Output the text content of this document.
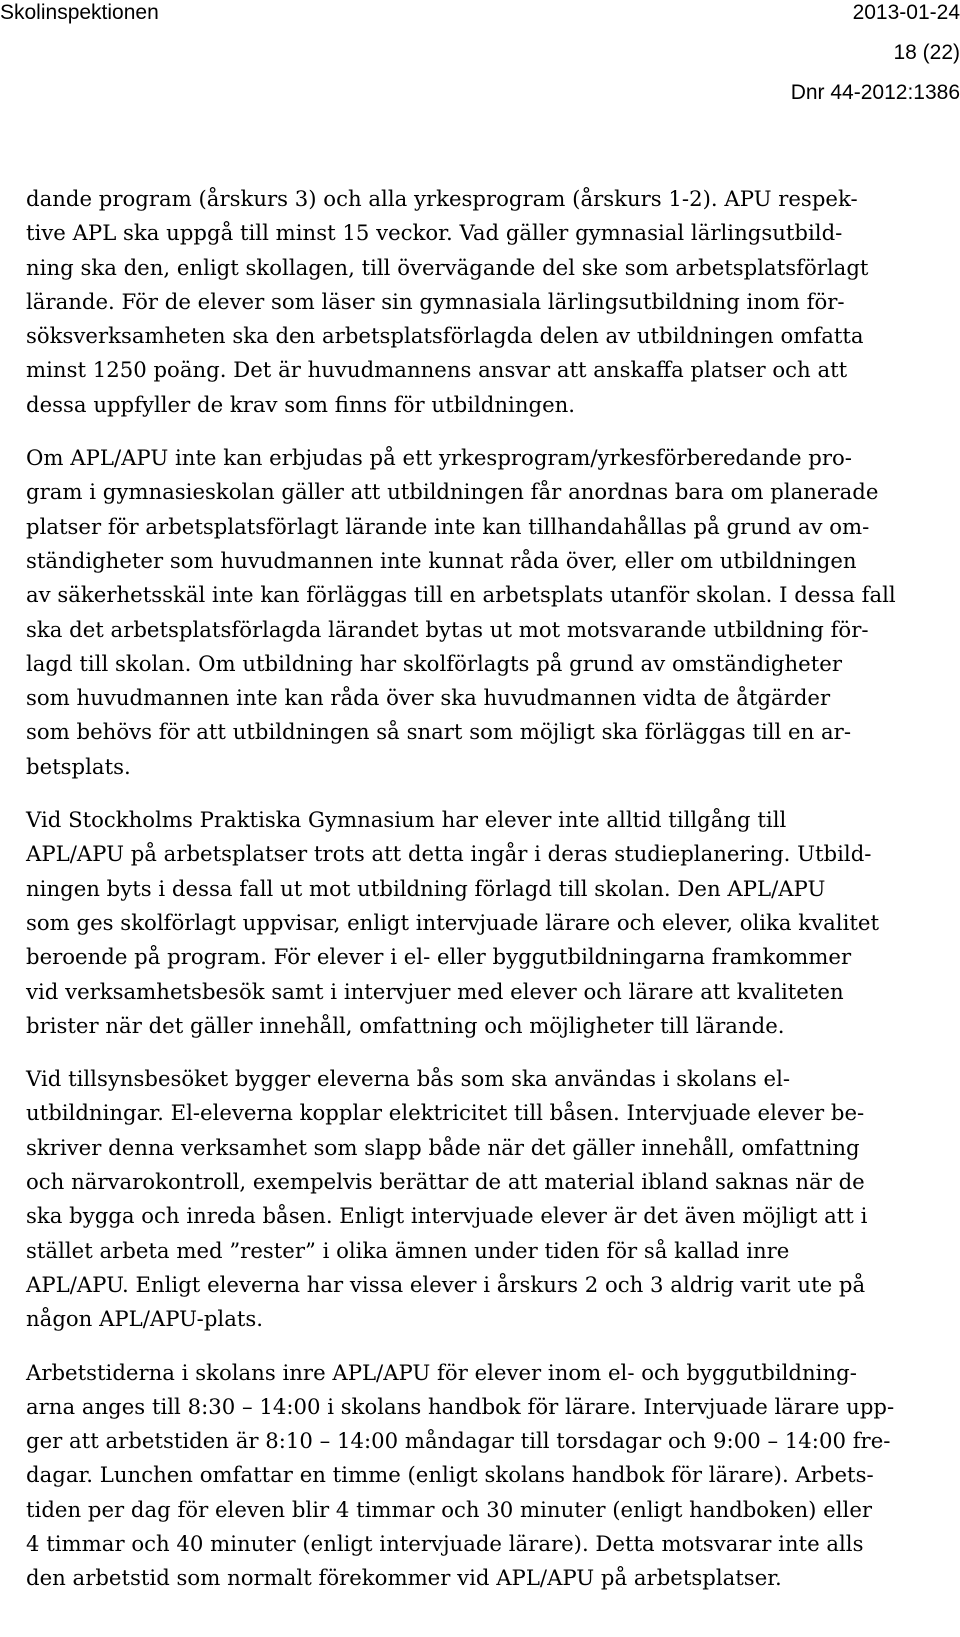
Skolinspektionen	2013-01-24
18 (22)
Dnr 44-2012:1386

dande program (årskurs 3) och alla yrkesprogram (årskurs 1-2). APU respek-
tive APL ska uppgå till minst 15 veckor. Vad gäller gymnasial lärlingsutbild-
ning ska den, enligt skollagen, till övervägande del ske som arbetsplatsförlagt
lärande. För de elever som läser sin gymnasiala lärlingsutbildning inom för-
söksverksamheten ska den arbetsplatsförlagda delen av utbildningen omfatta
minst 1250 poäng. Det är huvudmannens ansvar att anskaffa platser och att
dessa uppfyller de krav som finns för utbildningen.

Om APL/APU inte kan erbjudas på ett yrkesprogram/yrkesförberedande pro-
gram i gymnasieskolan gäller att utbildningen får anordnas bara om planerade
platser för arbetsplatsförlagt lärande inte kan tillhandahållas på grund av om-
ständigheter som huvudmannen inte kunnat råda över, eller om utbildningen
av säkerhetsskäl inte kan förläggas till en arbetsplats utanför skolan. I dessa fall
ska det arbetsplatsförlagda lärandet bytas ut mot motsvarande utbildning för-
lagd till skolan. Om utbildning har skolförlagts på grund av omständigheter
som huvudmannen inte kan råda över ska huvudmannen vidta de åtgärder
som behövs för att utbildningen så snart som möjligt ska förläggas till en ar-
betsplats.

Vid Stockholms Praktiska Gymnasium har elever inte alltid tillgång till
APL/APU på arbetsplatser trots att detta ingår i deras studieplanering. Utbild-
ningen byts i dessa fall ut mot utbildning förlagd till skolan. Den APL/APU
som ges skolförlagt uppvisar, enligt intervjuade lärare och elever, olika kvalitet
beroende på program. För elever i el- eller byggutbildningarna framkommer
vid verksamhetsbesök samt i intervjuer med elever och lärare att kvaliteten
brister när det gäller innehåll, omfattning och möjligheter till lärande.

Vid tillsynsbesöket bygger eleverna bås som ska användas i skolans el-
utbildningar. El-eleverna kopplar elektricitet till båsen. Intervjuade elever be-
skriver denna verksamhet som slapp både när det gäller innehåll, omfattning
och närvarokontroll, exempelvis berättar de att material ibland saknas när de
ska bygga och inreda båsen. Enligt intervjuade elever är det även möjligt att i
stället arbeta med ”rester” i olika ämnen under tiden för så kallad inre
APL/APU. Enligt eleverna har vissa elever i årskurs 2 och 3 aldrig varit ute på
någon APL/APU-plats.

Arbetstiderna i skolans inre APL/APU för elever inom el- och byggutbildning-
arna anges till 8:30 – 14:00 i skolans handbok för lärare. Intervjuade lärare upp-
ger att arbetstiden är 8:10 – 14:00 måndagar till torsdagar och 9:00 – 14:00 fre-
dagar. Lunchen omfattar en timme (enligt skolans handbok för lärare). Arbets-
tiden per dag för eleven blir 4 timmar och 30 minuter (enligt handboken) eller
4 timmar och 40 minuter (enligt intervjuade lärare). Detta motsvarar inte alls
den arbetstid som normalt förekommer vid APL/APU på arbetsplatser.
